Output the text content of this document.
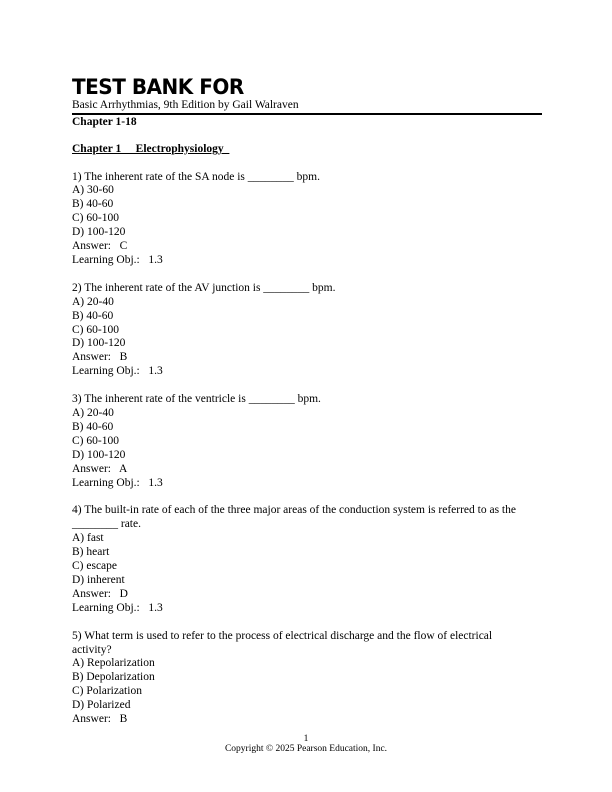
TEST BANK FOR
Basic Arrhythmias, 9th Edition by Gail Walraven
Chapter 1-18
Chapter 1     Electrophysiology
1) The inherent rate of the SA node is ________ bpm.
A) 30-60
B) 40-60
C) 60-100
D) 100-120
Answer:   C
Learning Obj.:   1.3
2) The inherent rate of the AV junction is ________ bpm.
A) 20-40
B) 40-60
C) 60-100
D) 100-120
Answer:   B
Learning Obj.:   1.3
3) The inherent rate of the ventricle is ________ bpm.
A) 20-40
B) 40-60
C) 60-100
D) 100-120
Answer:   A
Learning Obj.:   1.3
4) The built-in rate of each of the three major areas of the conduction system is referred to as the
________ rate.
A) fast
B) heart
C) escape
D) inherent
Answer:   D
Learning Obj.:   1.3
5) What term is used to refer to the process of electrical discharge and the flow of electrical
activity?
A) Repolarization
B) Depolarization
C) Polarization
D) Polarized
Answer:   B
1
Copyright © 2025 Pearson Education, Inc.
